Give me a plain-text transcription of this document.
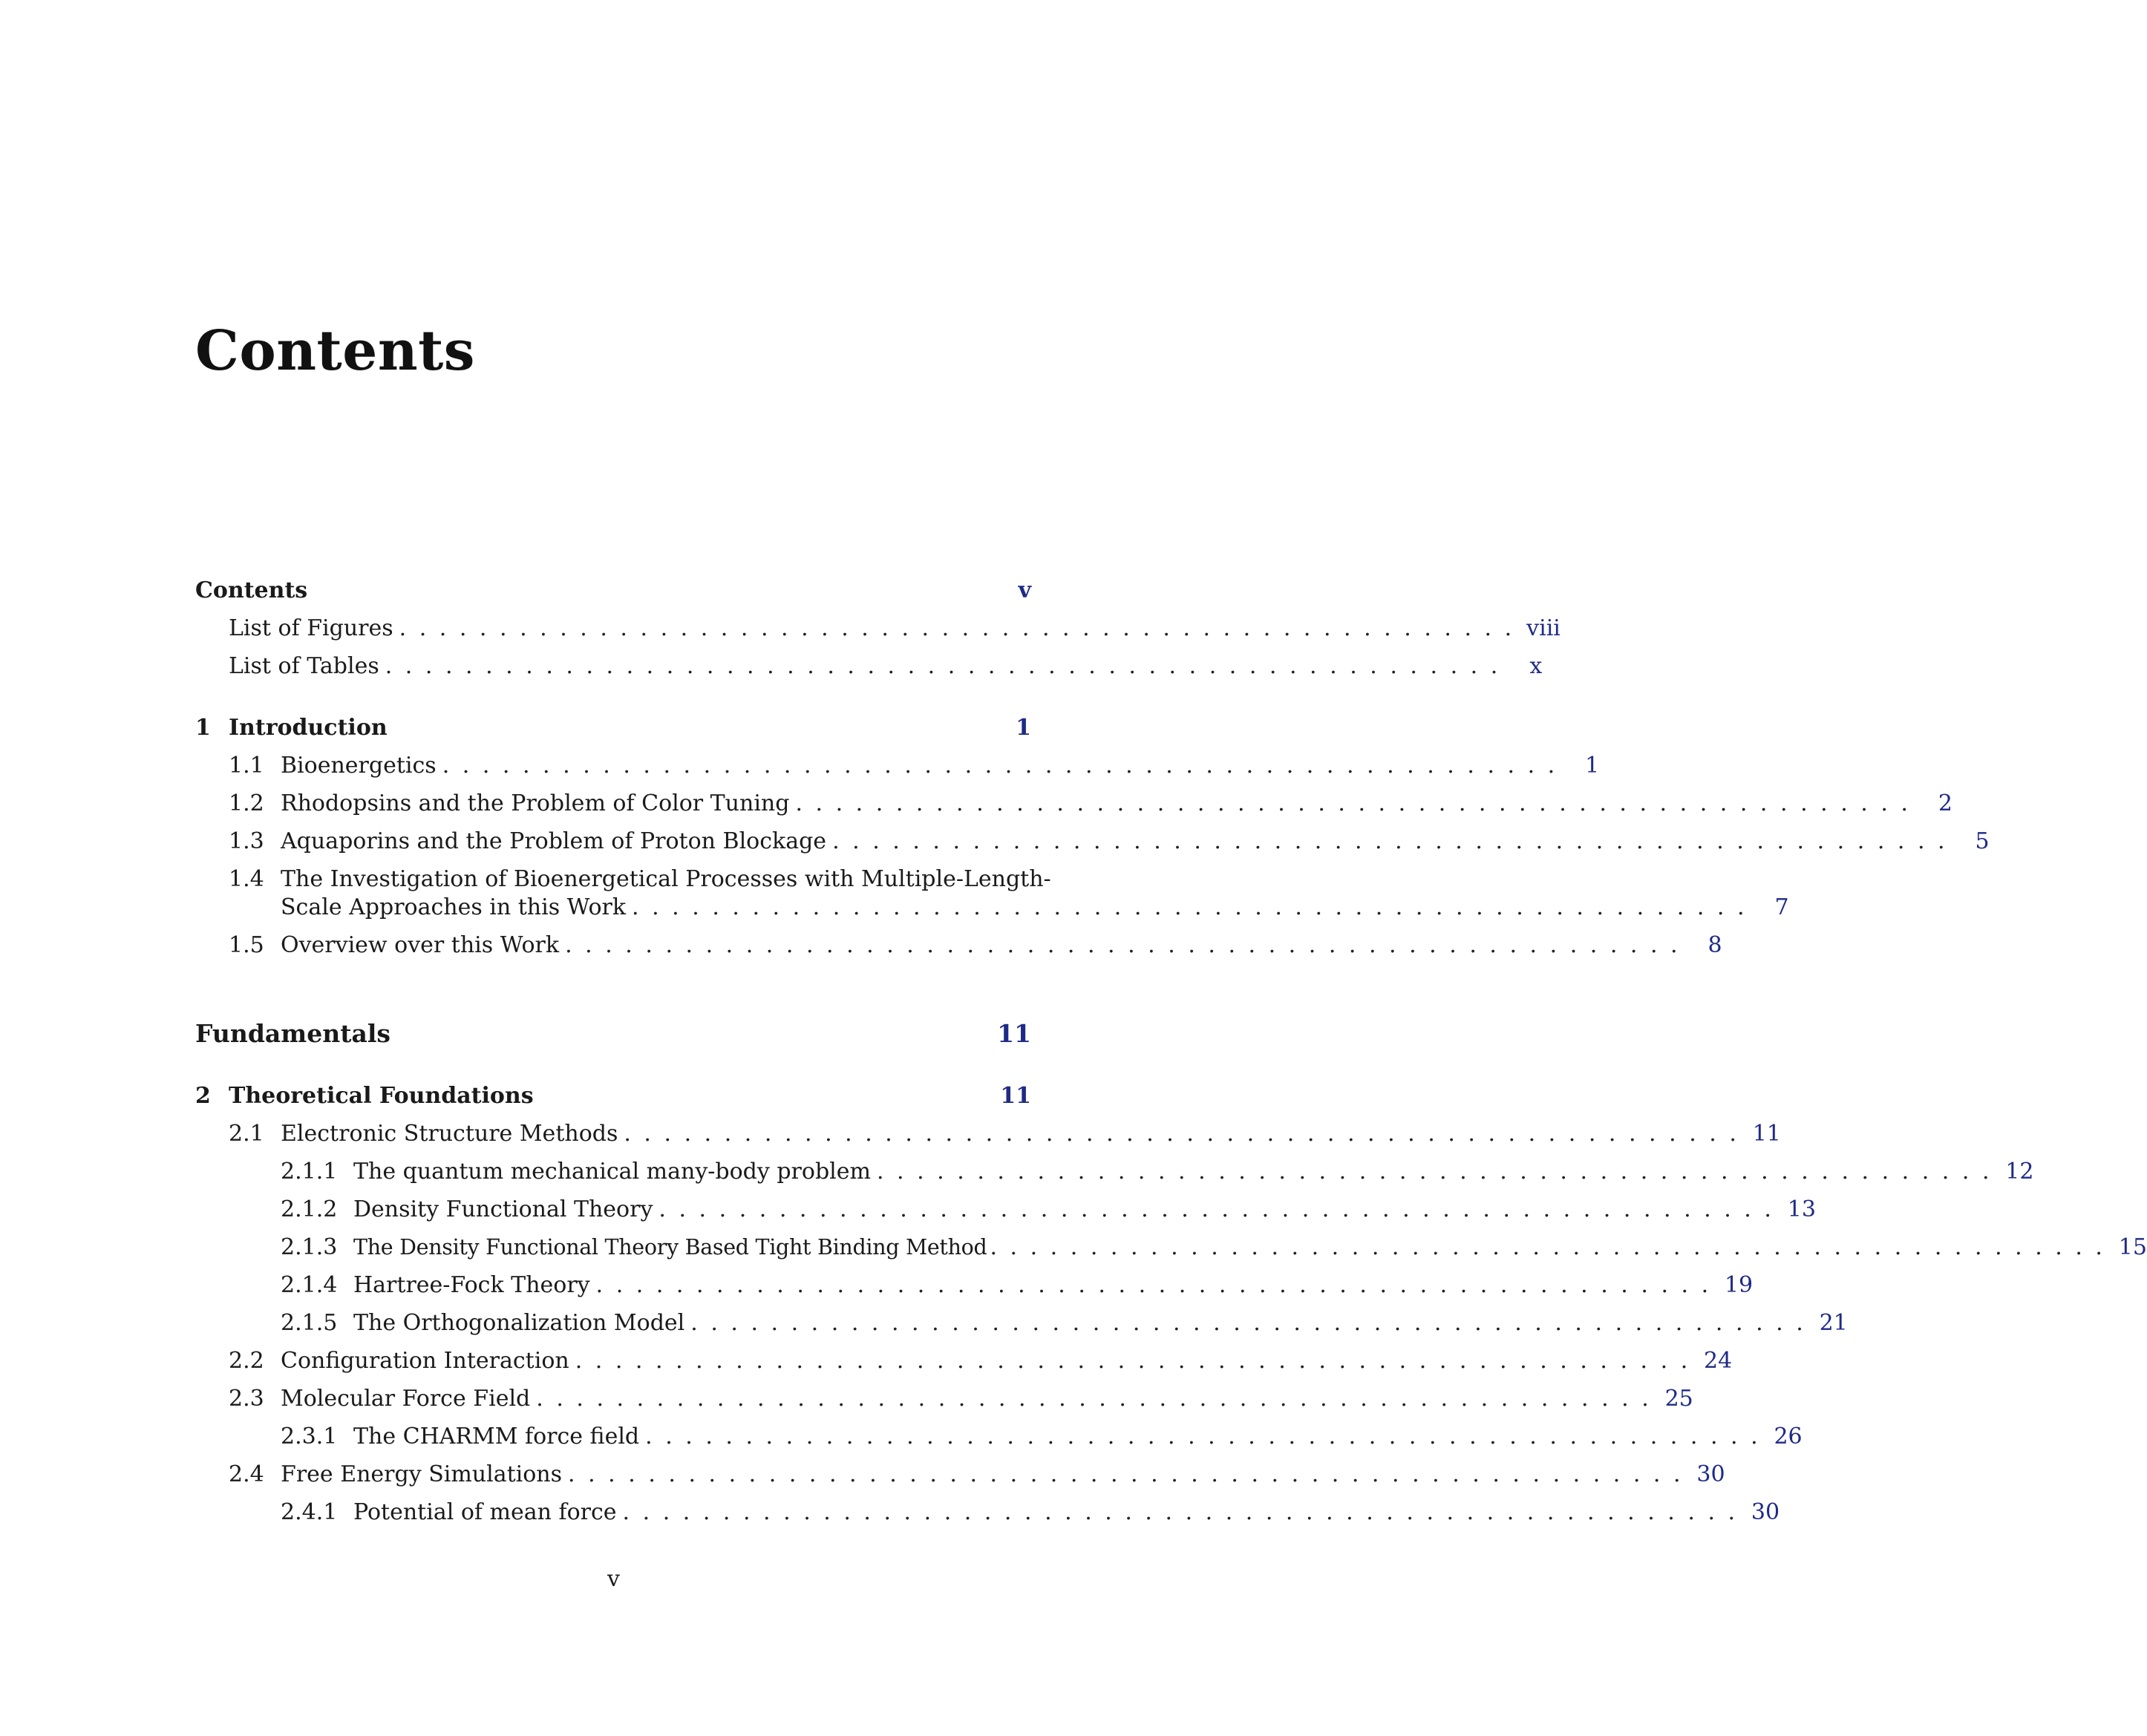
Contents
Contents	v
List of Figures . . . . . . . . . . . . . . . . . . . . . . . . . . . . . . . . . . . . . . . . . . . . . . . . . . . . . . . . viii
List of Tables . . . . . . . . . . . . . . . . . . . . . . . . . . . . . . . . . . . . . . . . . . . . . . . . . . . . . . . .	x
1 Introduction	1
1.1 Bioenergetics . . . . . . . . . . . . . . . . . . . . . . . . . . . . . . . . . . . . . . . . . . . . . . . . . . . . . . . .	1
1.2 Rhodopsins and the Problem of Color Tuning . . . . . . . . . . . . . . . . . . . . . . . . . . . . . . . . . . . . . . . . . . . . . . . . . . . . . . . .	2
1.3 Aquaporins and the Problem of Proton Blockage . . . . . . . . . . . . . . . . . . . . . . . . . . . . . . . . . . . . . . . . . . . . . . . . . . . . . . . .	5
1.4 The Investigation of Bioenergetical Processes with Multiple-Length-
Scale Approaches in this Work . . . . . . . . . . . . . . . . . . . . . . . . . . . . . . . . . . . . . . . . . . . . . . . . . . . . . . . .	7
1.5 Overview over this Work . . . . . . . . . . . . . . . . . . . . . . . . . . . . . . . . . . . . . . . . . . . . . . . . . . . . . . . .	8
Fundamentals	11
2 Theoretical Foundations	11
2.1 Electronic Structure Methods . . . . . . . . . . . . . . . . . . . . . . . . . . . . . . . . . . . . . . . . . . . . . . . . . . . . . . . . 11
2.1.1 The quantum mechanical many-body problem . . . . . . . . . . . . . . . . . . . . . . . . . . . . . . . . . . . . . . . . . . . . . . . . . . . . . . . . 12
2.1.2 Density Functional Theory . . . . . . . . . . . . . . . . . . . . . . . . . . . . . . . . . . . . . . . . . . . . . . . . . . . . . . . . 13
2.1.3 The Density Functional Theory Based Tight Binding Method . . . . . . . . . . . . . . . . . . . . . . . . . . . . . . . . . . . . . . . . . . . . . . . . . . . . . . . . 15
2.1.4 Hartree-Fock Theory . . . . . . . . . . . . . . . . . . . . . . . . . . . . . . . . . . . . . . . . . . . . . . . . . . . . . . . . 19
2.1.5 The Orthogonalization Model . . . . . . . . . . . . . . . . . . . . . . . . . . . . . . . . . . . . . . . . . . . . . . . . . . . . . . . . 21
2.2 Configuration Interaction . . . . . . . . . . . . . . . . . . . . . . . . . . . . . . . . . . . . . . . . . . . . . . . . . . . . . . . . 24
2.3 Molecular Force Field . . . . . . . . . . . . . . . . . . . . . . . . . . . . . . . . . . . . . . . . . . . . . . . . . . . . . . . . 25
2.3.1 The CHARMM force field . . . . . . . . . . . . . . . . . . . . . . . . . . . . . . . . . . . . . . . . . . . . . . . . . . . . . . . . 26
2.4 Free Energy Simulations . . . . . . . . . . . . . . . . . . . . . . . . . . . . . . . . . . . . . . . . . . . . . . . . . . . . . . . . 30
2.4.1 Potential of mean force . . . . . . . . . . . . . . . . . . . . . . . . . . . . . . . . . . . . . . . . . . . . . . . . . . . . . . . . 30
v
